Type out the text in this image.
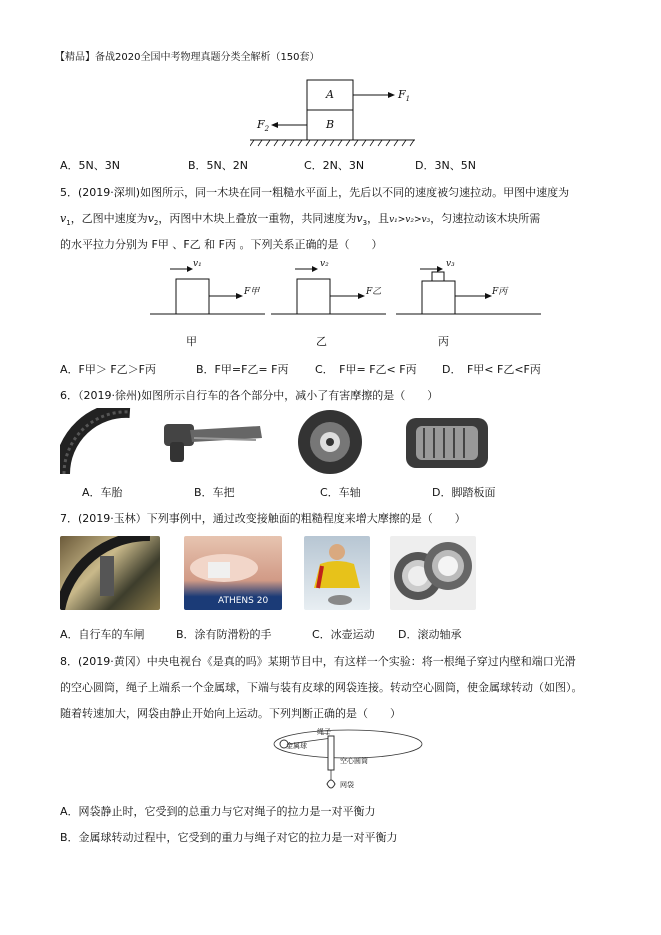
【精品】备战2020全国中考物理真题分类全解析（150套）
A
B
$F_1$
$F_2$
A．5N、3N	B．5N、2N	C．2N、3N	D．3N、5N
5．(2019·深圳)如图所示，同一木块在同一粗糙水平面上，先后以不同的速度被匀速拉动。甲图中速度为
$v_1$，乙图中速度为$v_2$，丙图中木块上叠放一重物，共同速度为$v_3$，且v₁>v₂>v₃，匀速拉动该木块所需
的水平拉力分别为 F甲 、F乙 和 F丙 。下列关系正确的是（　　）
v₁	v₂	v₃
F甲	F乙	F丙
甲	乙	丙
A．F甲＞ F乙＞F丙	B．F甲=F乙= F丙 C．　F甲= F乙< F丙 D．　F甲< F乙<F丙
6．（2019·徐州)如图所示自行车的各个部分中，减小了有害摩擦的是（　　）
A．车胎	B．车把	C．车轴	D．脚踏板面
7．(2019·玉林）下列事例中，通过改变接触面的粗糙程度来增大摩擦的是（　　）
ATHENS 20
A．自行车的车闸	B．涂有防滑粉的手	C．冰壶运动 D．滚动轴承
8．(2019·黄冈）中央电视台《是真的吗》某期节目中，有这样一个实验：将一根绳子穿过内壁和端口光滑
的空心圆筒，绳子上端系一个金属球，下端与装有皮球的网袋连接。转动空心圆筒，使金属球转动（如图）。
随着转速加大，网袋由静止开始向上运动。下列判断正确的是（　　）
绳子
金属球
空心圆筒
网袋
A．网袋静止时，它受到的总重力与它对绳子的拉力是一对平衡力
B．金属球转动过程中，它受到的重力与绳子对它的拉力是一对平衡力
